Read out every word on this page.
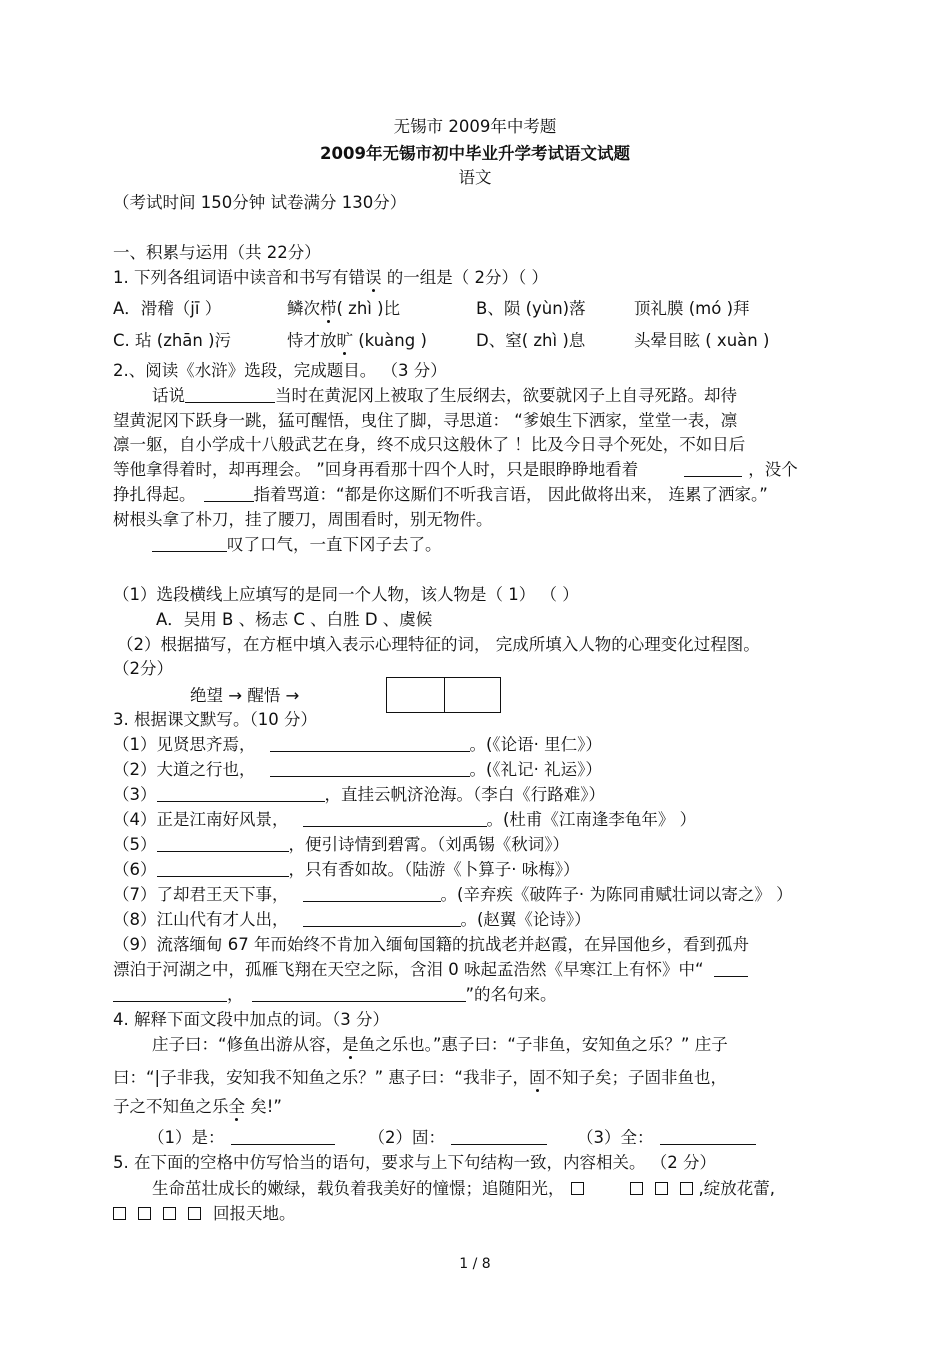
无锡市 2009年中考题
2009年无锡市初中毕业升学考试语文试题
语文
（考试时间 150分钟 试卷满分 130分）
一、积累与运用（共 22分）
1. 下列各组词语中读音和书写有错误 的一组是（ 2分）（ ）
A．滑稽（jī ）	鳞次栉( zhì )比	B、陨 (yùn)落	顶礼膜 (mó )拜
C. 玷 (zhān )污	恃才放旷 (kuàng )	D、窒( zhì )息	头晕目眩 ( xuàn )
2.、阅读《水浒》选段，完成题目。 （3 分）
话说	当时在黄泥冈上被取了生辰纲去，欲要就冈子上自寻死路。却待
望黄泥冈下跃身一跳，猛可醒悟，曳住了脚，寻思道： “爹娘生下洒家，堂堂一表，凛
凛一躯，自小学成十八般武艺在身，终不成只这般休了 ！比及今日寻个死处，不如日后
等他拿得着时，却再理会。 ”回身再看那十四个人时，只是眼睁睁地看着	，没个
挣扎得起。	指着骂道：“都是你这厮们不听我言语， 因此做将出来， 连累了洒家。”
树根头拿了朴刀，挂了腰刀，周围看时，别无物件。
叹了口气，一直下冈子去了。
（1）选段横线上应填写的是同一个人物，该人物是（ 1） （ ）
A．吴用 B 、杨志 C 、白胜 D 、虞候
（2）根据描写，在方框中填入表示心理特征的词， 完成所填入人物的心理变化过程图。
（2分）
绝望 → 醒悟 →
3. 根据课文默写。（10 分）
（1）见贤思齐焉，	。(《论语· 里仁》）
（2）大道之行也，	。(《礼记· 礼运》）
（3）	，直挂云帆济沧海。（李白《行路难》）
（4）正是江南好风景，	。(杜甫《江南逢李龟年》 ）
（5）	，便引诗情到碧霄。（刘禹锡《秋词》）
（6）	，只有香如故。（陆游《卜算子· 咏梅》）
（7）了却君王天下事，	。(辛弃疾《破阵子· 为陈同甫赋壮词以寄之》 ）
（8）江山代有才人出，	。(赵翼《论诗》）
（9）流落缅甸 67 年而始终不肯加入缅甸国籍的抗战老并赵霞，在异国他乡，看到孤舟
漂泊于河湖之中，孤雁飞翔在天空之际，含泪 0 咏起孟浩然《早寒江上有怀》中“
，	”的名句来。
4. 解释下面文段中加点的词。（3 分）
庄子曰：“修鱼出游从容，是鱼之乐也。”惠子曰：“子非鱼，安知鱼之乐？” 庄子
曰：“|子非我，安知我不知鱼之乐？” 惠子曰：“我非子，固不知子矣；子固非鱼也，
子之不知鱼之乐全 矣!”
（1）是：	（2）固：	（3）全：
5. 在下面的空格中仿写恰当的语句，要求与上下句结构一致，内容相关。 （2 分）
生命茁壮成长的嫩绿，载负着我美好的憧憬；追随阳光，	,绽放花蕾,
回报天地。
1 / 8
